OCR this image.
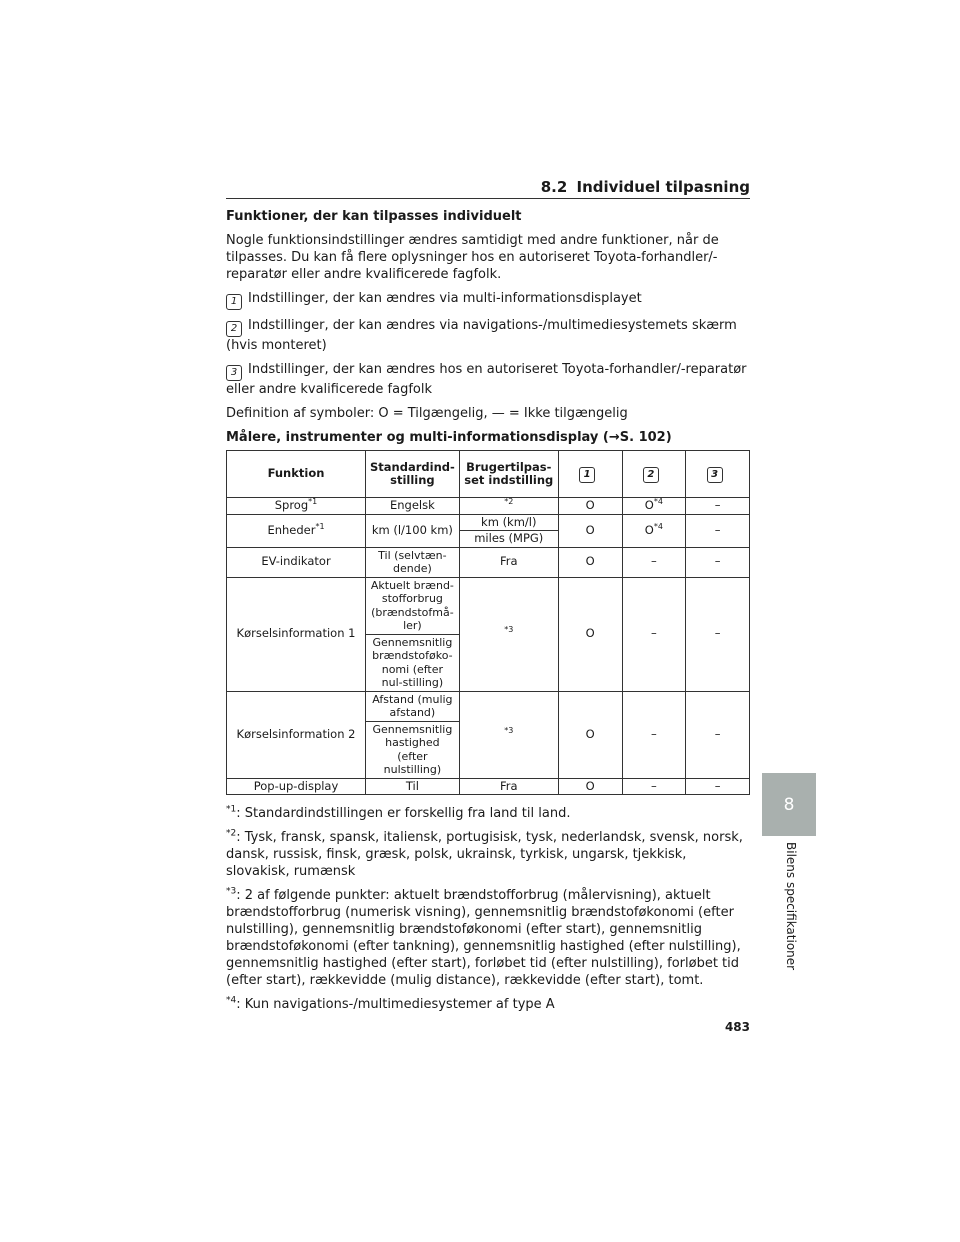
8.2 Individuel tilpasning

Funktioner, der kan tilpasses individuelt

Nogle funktionsindstillinger ændres samtidigt med andre funktioner, når de tilpasses. Du kan få flere oplysninger hos en autoriseret Toyota-forhandler/-reparatør eller andre kvalificerede fagfolk.

1 Indstillinger, der kan ændres via multi-informationsdisplayet

2 Indstillinger, der kan ændres via navigations-/multimediesystemets skærm (hvis monteret)

3 Indstillinger, der kan ændres hos en autoriseret Toyota-forhandler/-reparatør eller andre kvalificerede fagfolk

Definition af symboler: O = Tilgængelig, — = Ikke tilgængelig

Målere, instrumenter og multi-informationsdisplay (→S. 102)

Funktion	Standardind-stilling	Brugertilpas-set indstilling	1	2	3
Sprog$^{*1}$	Engelsk	$^{*2}$	O	$O^{*4}$	–
Enheder$^{*1}$	km (l/100 km)	km (km/l)	O	$O^{*4}$	–
		miles (MPG)			
EV-indikator	Til (selvtæn-dende)	Fra	O	–	–
Kørselsinformation 1	Aktuelt brænd-stofforbrug (brændstofmå-ler)	$^{*3}$	O	–	–
	Gennemsnitlig brændstoføko-nomi (efter nul-stilling)				
Kørselsinformation 2	Afstand (mulig afstand)	$^{*3}$	O	–	–
	Gennemsnitlig hastighed (efter nulstilling)				
Pop-up-display	Til	Fra	O	–	–

$^{*1}$: Standardindstillingen er forskellig fra land til land.

$^{*2}$: Tysk, fransk, spansk, italiensk, portugisisk, tysk, nederlandsk, svensk, norsk, dansk, russisk, finsk, græsk, polsk, ukrainsk, tyrkisk, ungarsk, tjekkisk, slovakisk, rumænsk

$^{*3}$: 2 af følgende punkter: aktuelt brændstofforbrug (målervisning), aktuelt brændstofforbrug (numerisk visning), gennemsnitlig brændstoføkonomi (efter nulstilling), gennemsnitlig brændstoføkonomi (efter start), gennemsnitlig brændstoføkonomi (efter tankning), gennemsnitlig hastighed (efter nulstilling), gennemsnitlig hastighed (efter start), forløbet tid (efter nulstilling), forløbet tid (efter start), rækkevidde (mulig distance), rækkevidde (efter start), tomt.

$^{*4}$: Kun navigations-/multimediesystemer af type A

8
Bilens specifikationer
483
